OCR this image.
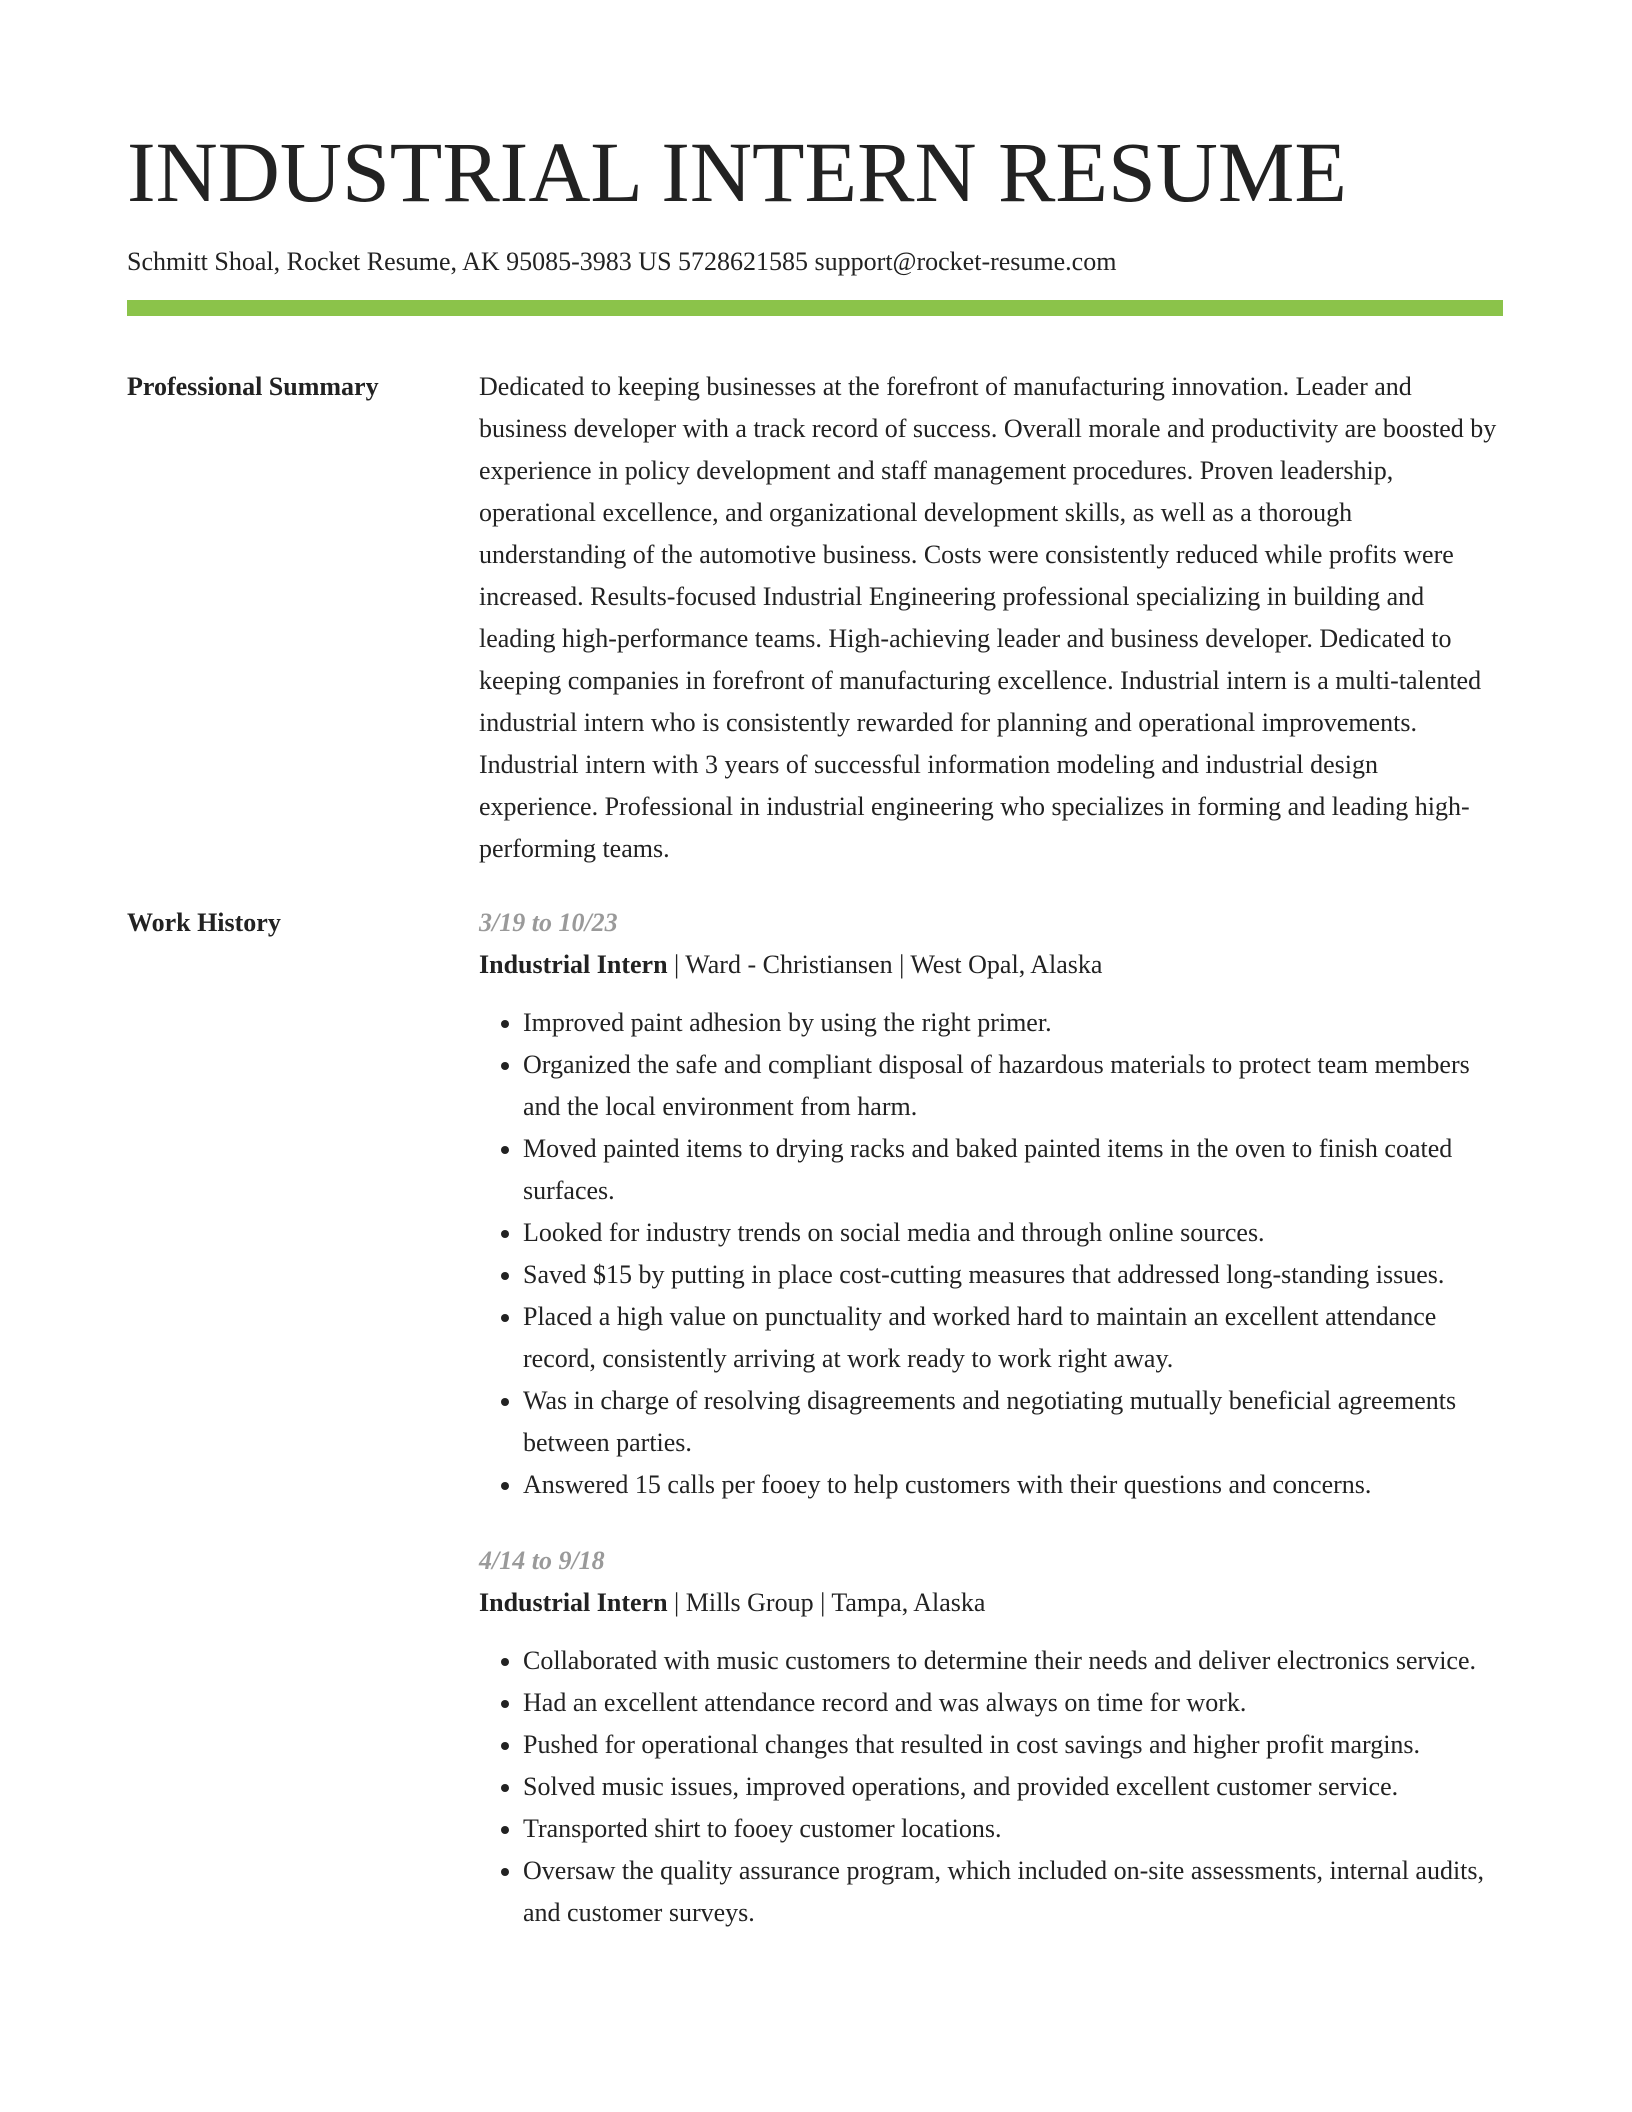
INDUSTRIAL INTERN RESUME
Schmitt Shoal, Rocket Resume, AK 95085-3983 US 5728621585 support@rocket-resume.com
Professional Summary	Dedicated to keeping businesses at the forefront of manufacturing innovation. Leader and business developer with a track record of success. Overall morale and productivity are boosted by experience in policy development and staff management procedures. Proven leadership, operational excellence, and organizational development skills, as well as a thorough understanding of the automotive business. Costs were consistently reduced while profits were increased. Results-focused Industrial Engineering professional specializing in building and leading high-performance teams. High-achieving leader and business developer. Dedicated to keeping companies in forefront of manufacturing excellence. Industrial intern is a multi-talented industrial intern who is consistently rewarded for planning and operational improvements. Industrial intern with 3 years of successful information modeling and industrial design experience. Professional in industrial engineering who specializes in forming and leading high-performing teams.
Work History	3/19 to 10/23
Industrial Intern | Ward - Christiansen | West Opal, Alaska
• Improved paint adhesion by using the right primer.
• Organized the safe and compliant disposal of hazardous materials to protect team members and the local environment from harm.
• Moved painted items to drying racks and baked painted items in the oven to finish coated surfaces.
• Looked for industry trends on social media and through online sources.
• Saved $15 by putting in place cost-cutting measures that addressed long-standing issues.
• Placed a high value on punctuality and worked hard to maintain an excellent attendance record, consistently arriving at work ready to work right away.
• Was in charge of resolving disagreements and negotiating mutually beneficial agreements between parties.
• Answered 15 calls per fooey to help customers with their questions and concerns.
4/14 to 9/18
Industrial Intern | Mills Group | Tampa, Alaska
• Collaborated with music customers to determine their needs and deliver electronics service.
• Had an excellent attendance record and was always on time for work.
• Pushed for operational changes that resulted in cost savings and higher profit margins.
• Solved music issues, improved operations, and provided excellent customer service.
• Transported shirt to fooey customer locations.
• Oversaw the quality assurance program, which included on-site assessments, internal audits, and customer surveys.
